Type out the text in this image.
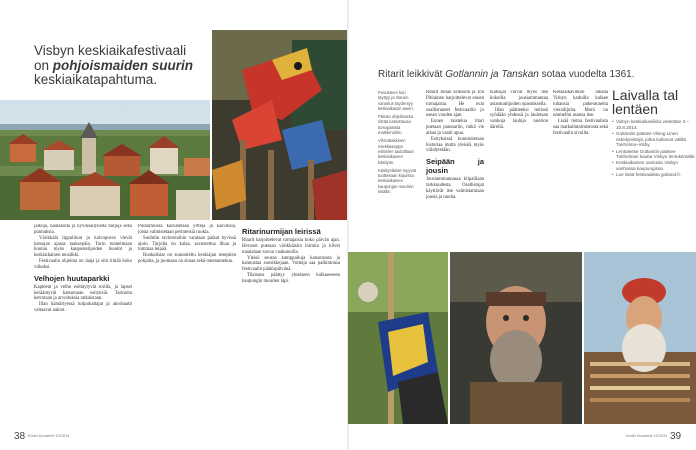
Visbyn keskiaikafestivaali
on pohjoismaiden suurin
keskiaikatapahtuma.

jalkoja, naulakoita ja hyvinsäilyneitä harjoja sekä punnuksia.

Värikkäät lippuliinat ja kalvopuvut vievät katsojan ajassa taaksepäin. Torin tunnelmaan kuuluu myös kaupustelijoiden huudot ja keskiaikainen musiikki.

Festivaalin ohjelma on laaja ja sitä riittää koko viikoksi.

Velhojen huutaparkki

Kapteeni ja velho esittäytyvät torilla, ja lapset kerääntyvät katsomaan esityksiä. Tarinoita kerrotaan ja arvoituksia ratkaistaan.

Illan hämärtyessä tulipuhaltajat ja akrobaatit valtaavat aukiot.

Puutarhoissa kasvatetaan yrttejä ja kasviksia, joista valmistetaan perinteisiä ruokia.

Suuhtiin ravintoloihin varataan paikat hyvissä ajoin. Tarjolla on kalaa, savustettua lihaa ja tummaa leipää.

Ruokalistat on suunniteltu keskiajan reseptien pohjalta, ja juomana on simaa sekä omenamehua.

Ritarinurmijan leirissä

Ritarit harjoittelevat turnajaisia koko päivän ajan. Hevoset puetaan värikkäisiin loimiin ja kilvet maalataan suvun vaakunoilla.

Yleisö seuraa kamppailuja katsomosta ja kannustaa suosikkejaan. Voittaja saa palkintonsa festivaalin päätöspäivänä.

Tilaisuus päättyy yhteiseen kulkueeseen kaupungin muurien läpi.

Ritarit leikkivät Gotlannin ja Tanskan sotaa vuodelta 1361.

Puvusteen kori täyttyy ja ritarien varustus täydentyy keskiaikaisin asein.

Päivän ohjelmassa riittää katsottavaa turnajaisista markkinoihin.

Vihreätakkinen miekkaseppä esittelee taidoiltaan keskiaikaisen käsityön.

Käsityöläiset myyvät tuotteitaan kojuissa keskiaikaisen kaupungin muurien sisällä.

Ritarit Johan Eriksson ja Jon Pihlainen harjoittelevat ennen turnajaisia. He ovat osallistuneet festivaaliin jo usean vuoden ajan.

Ennen taistelua ritari puetaan panssariin, mikä vie aikaa ja vaatii apua.

Esityksissä kunnioitetaan historiaa mutta yleisöä myös viihdytetään.

Seipään ja jousin

Jousiammunnassa kilpaillaan tarkkuudesta. Osallistujat käyttävät itse valmistamiaan jousia ja nuolia.

Katsojat voivat myös itse kokeilla jousiammuntaa asiantuntijoiden opastuksella.

Illan päätteeksi leirissä syödään yhdessä ja lauletaan vanhoja lauluja nuotion äärellä.

Keskiaikaviikon aikana Visbyn kaduilla kulkee tuhansia pukeutuneita vierailijoita. Moni on ommellut asunsa itse.

Lisää tietoa festivaalista saa matkailutoimistosta sekä festivaalin sivuilta.

Laivalla tal lentäen
• Visbyn keskiaikaviikko vietetään 3.–10.8.2014.
• Gotlantiin pääsee Viking Linen risteilyreittejä, jotka kulkevat välillä Tukholma–Visby.
• Lentoteitse Gotlantiin pääsee Tukholman kautta Visbyn lentokentälle.
• Keskiaikainen ravintola Visbyn vanhassa kaupungissa.
• Lue lisää festivaalista gotland.fi.
38 Kodin Kuvalehti 13/2014	Kodin Kuvalehti 13/2014 39
